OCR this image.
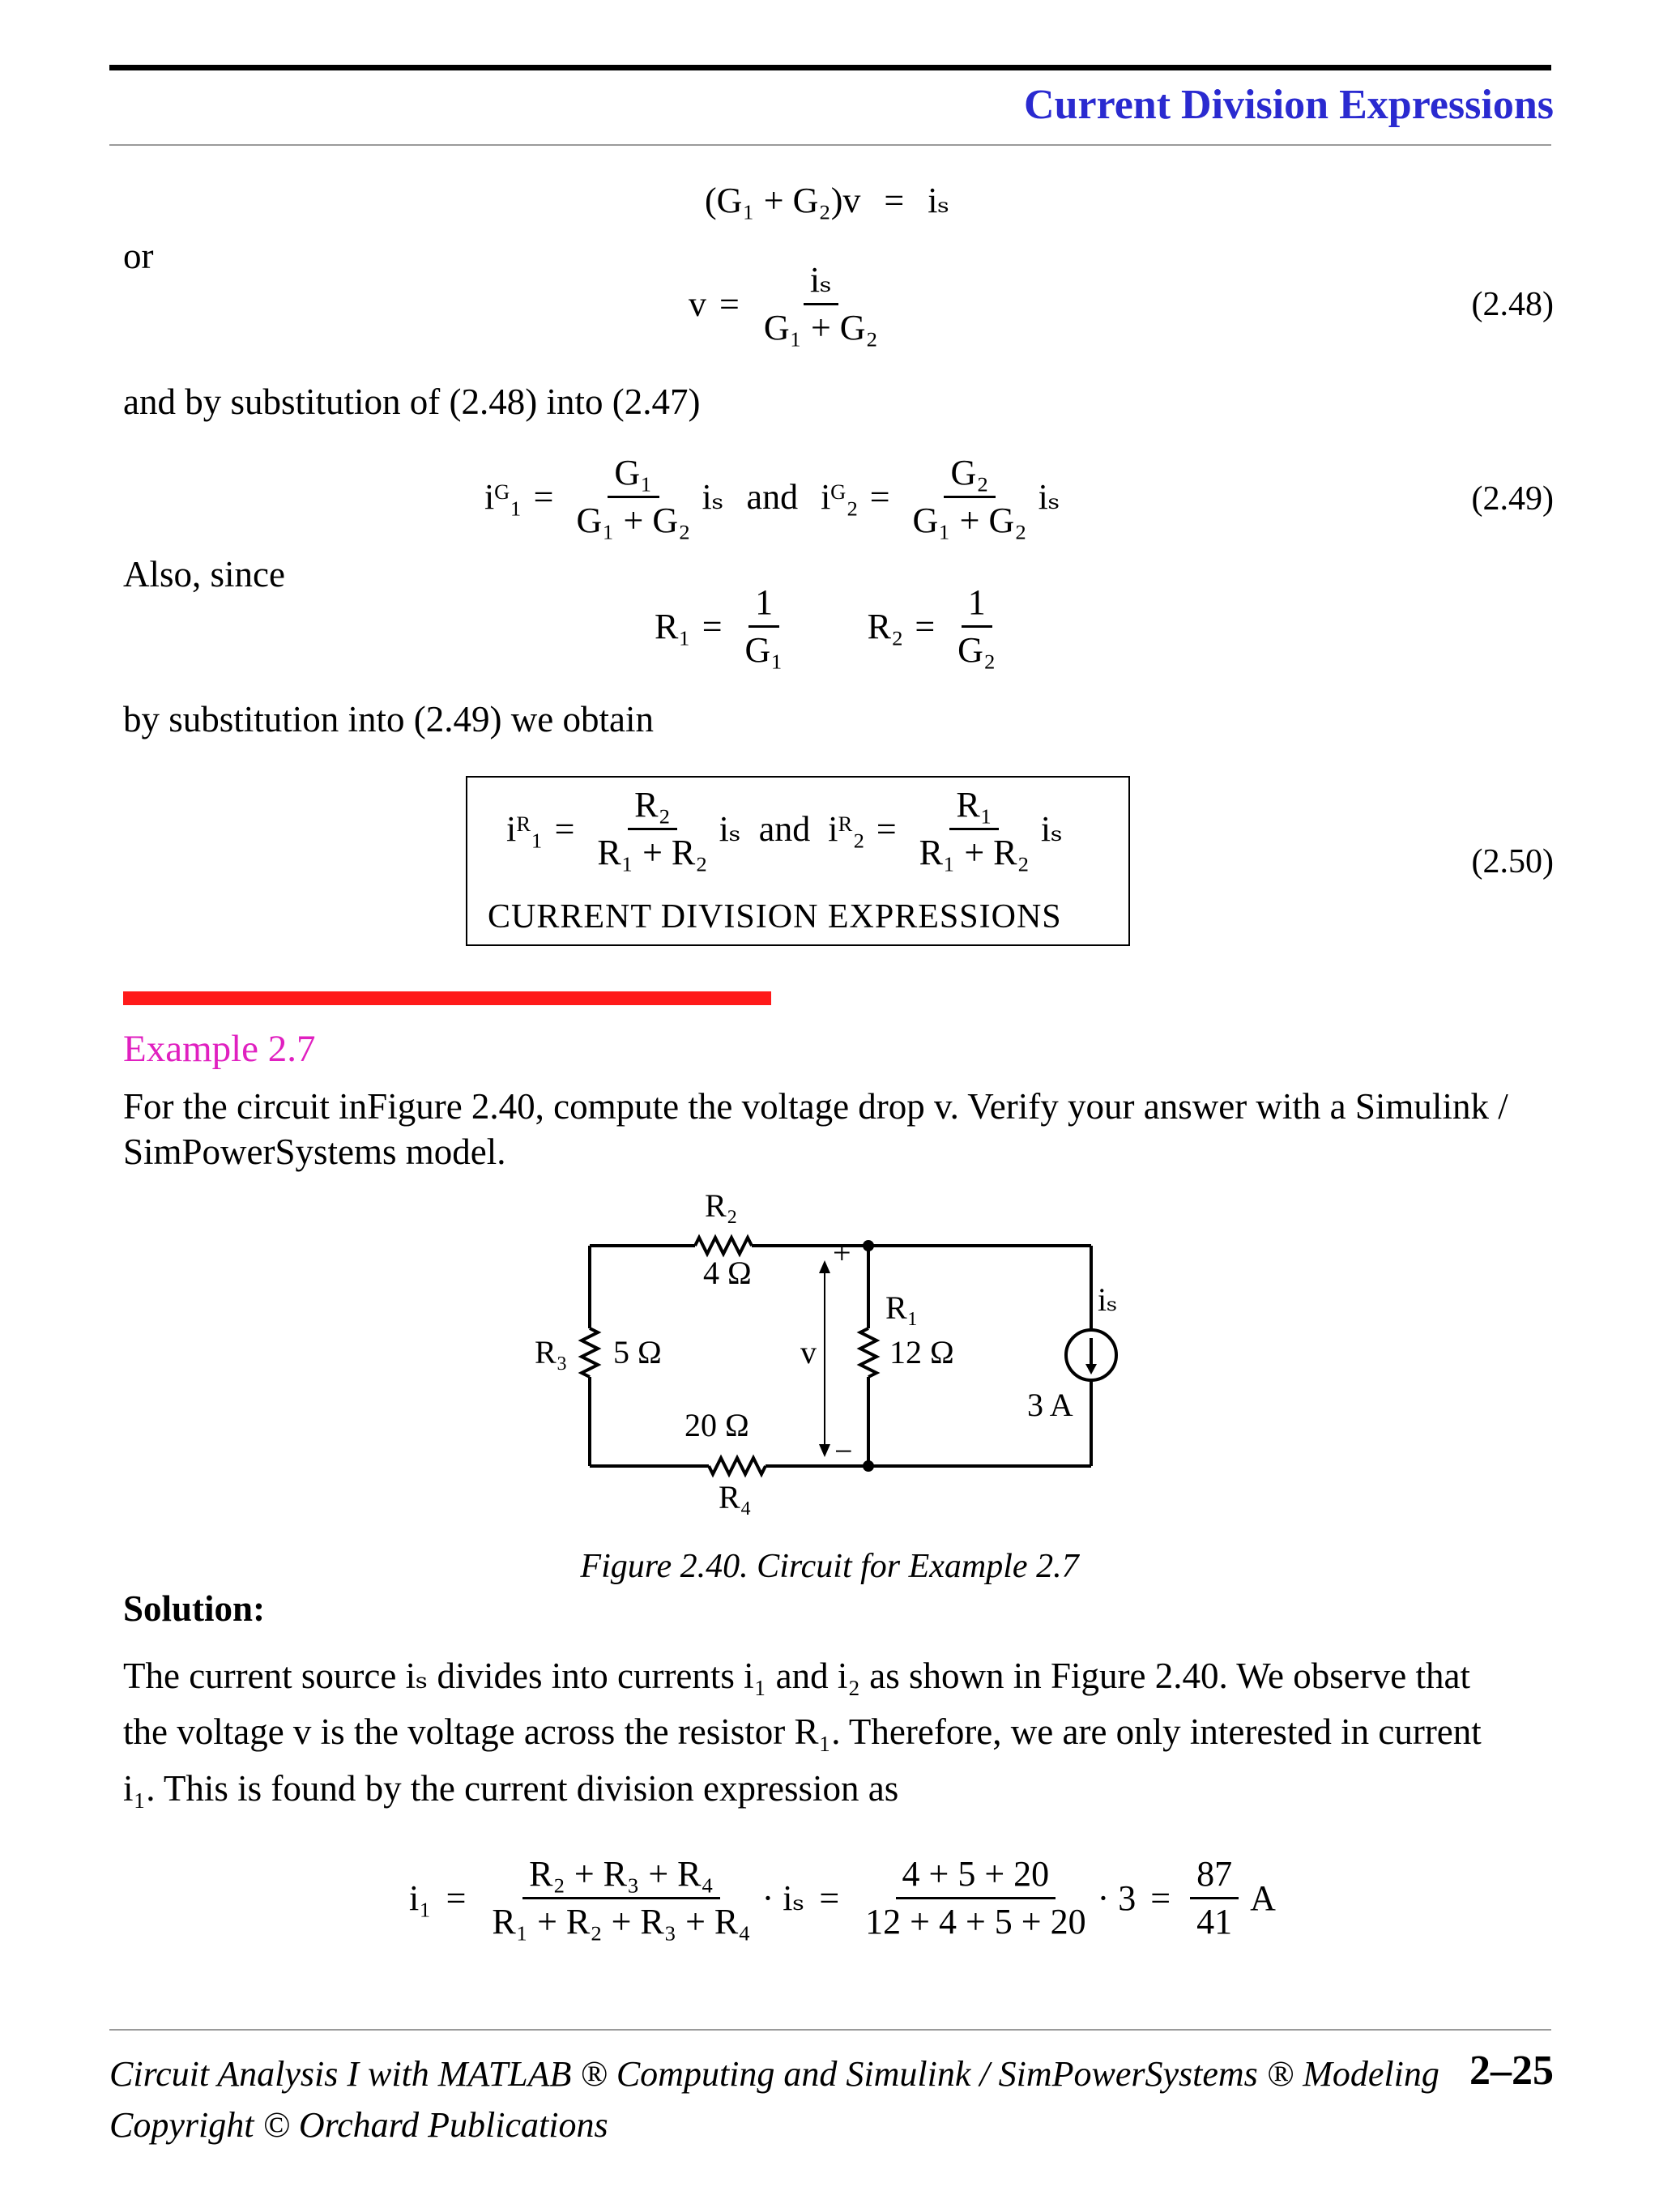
Current Division Expressions
(G₁ + G₂)v = iₛ
or
$v = \frac{\text{iₛ}}{\text{G₁ + G₂}}$	(2.48)
and by substitution of (2.48) into (2.47)
iᴳ₁ = $\frac{\text{G₁}}{\text{G₁ + G₂}}$ iₛ and iᴳ₂ = $\frac{\text{G₂}}{\text{G₁ + G₂}}$ iₛ	(2.49)
Also, since
$R_1 = \frac{1}{\text{G₁}} R_2 = \frac{1}{\text{G₂}}$
by substitution into (2.49) we obtain
iᴿ₁ = $\frac{\text{R₂}}{\text{R₁ + R₂}}$ iₛ and iᴿ₂ = $\frac{\text{R₁}}{\text{R₁ + R₂}}$ iₛ
CURRENT DIVISION EXPRESSIONS
(2.50)
Example 2.7
For the circuit inFigure 2.40, compute the voltage drop v. Verify your answer with a Simulink /
SimPowerSystems model.
R₂
4 Ω
R₁
12 Ω
R₃ 5 Ω
20 Ω
R₄
iₛ
3 A
v
+
−
Figure 2.40. Circuit for Example 2.7
Solution:
The current source iₛ divides into currents i₁ and i₂ as shown in Figure 2.40. We observe that
the voltage v is the voltage across the resistor R₁. Therefore, we are only interested in current
i₁. This is found by the current division expression as
$i_1 = \frac{\text{R₂ + R₃ + R₄}}{\text{R₁ + R₂ + R₃ + R₄}} \cdot i_s = \frac{4 + 5 + 20}{12 + 4 + 5 + 20} \cdot 3 = \frac{87}{41}$ A
Circuit Analysis I with MATLAB ® Computing and Simulink / SimPowerSystems ® Modeling
Copyright © Orchard Publications
2–25
